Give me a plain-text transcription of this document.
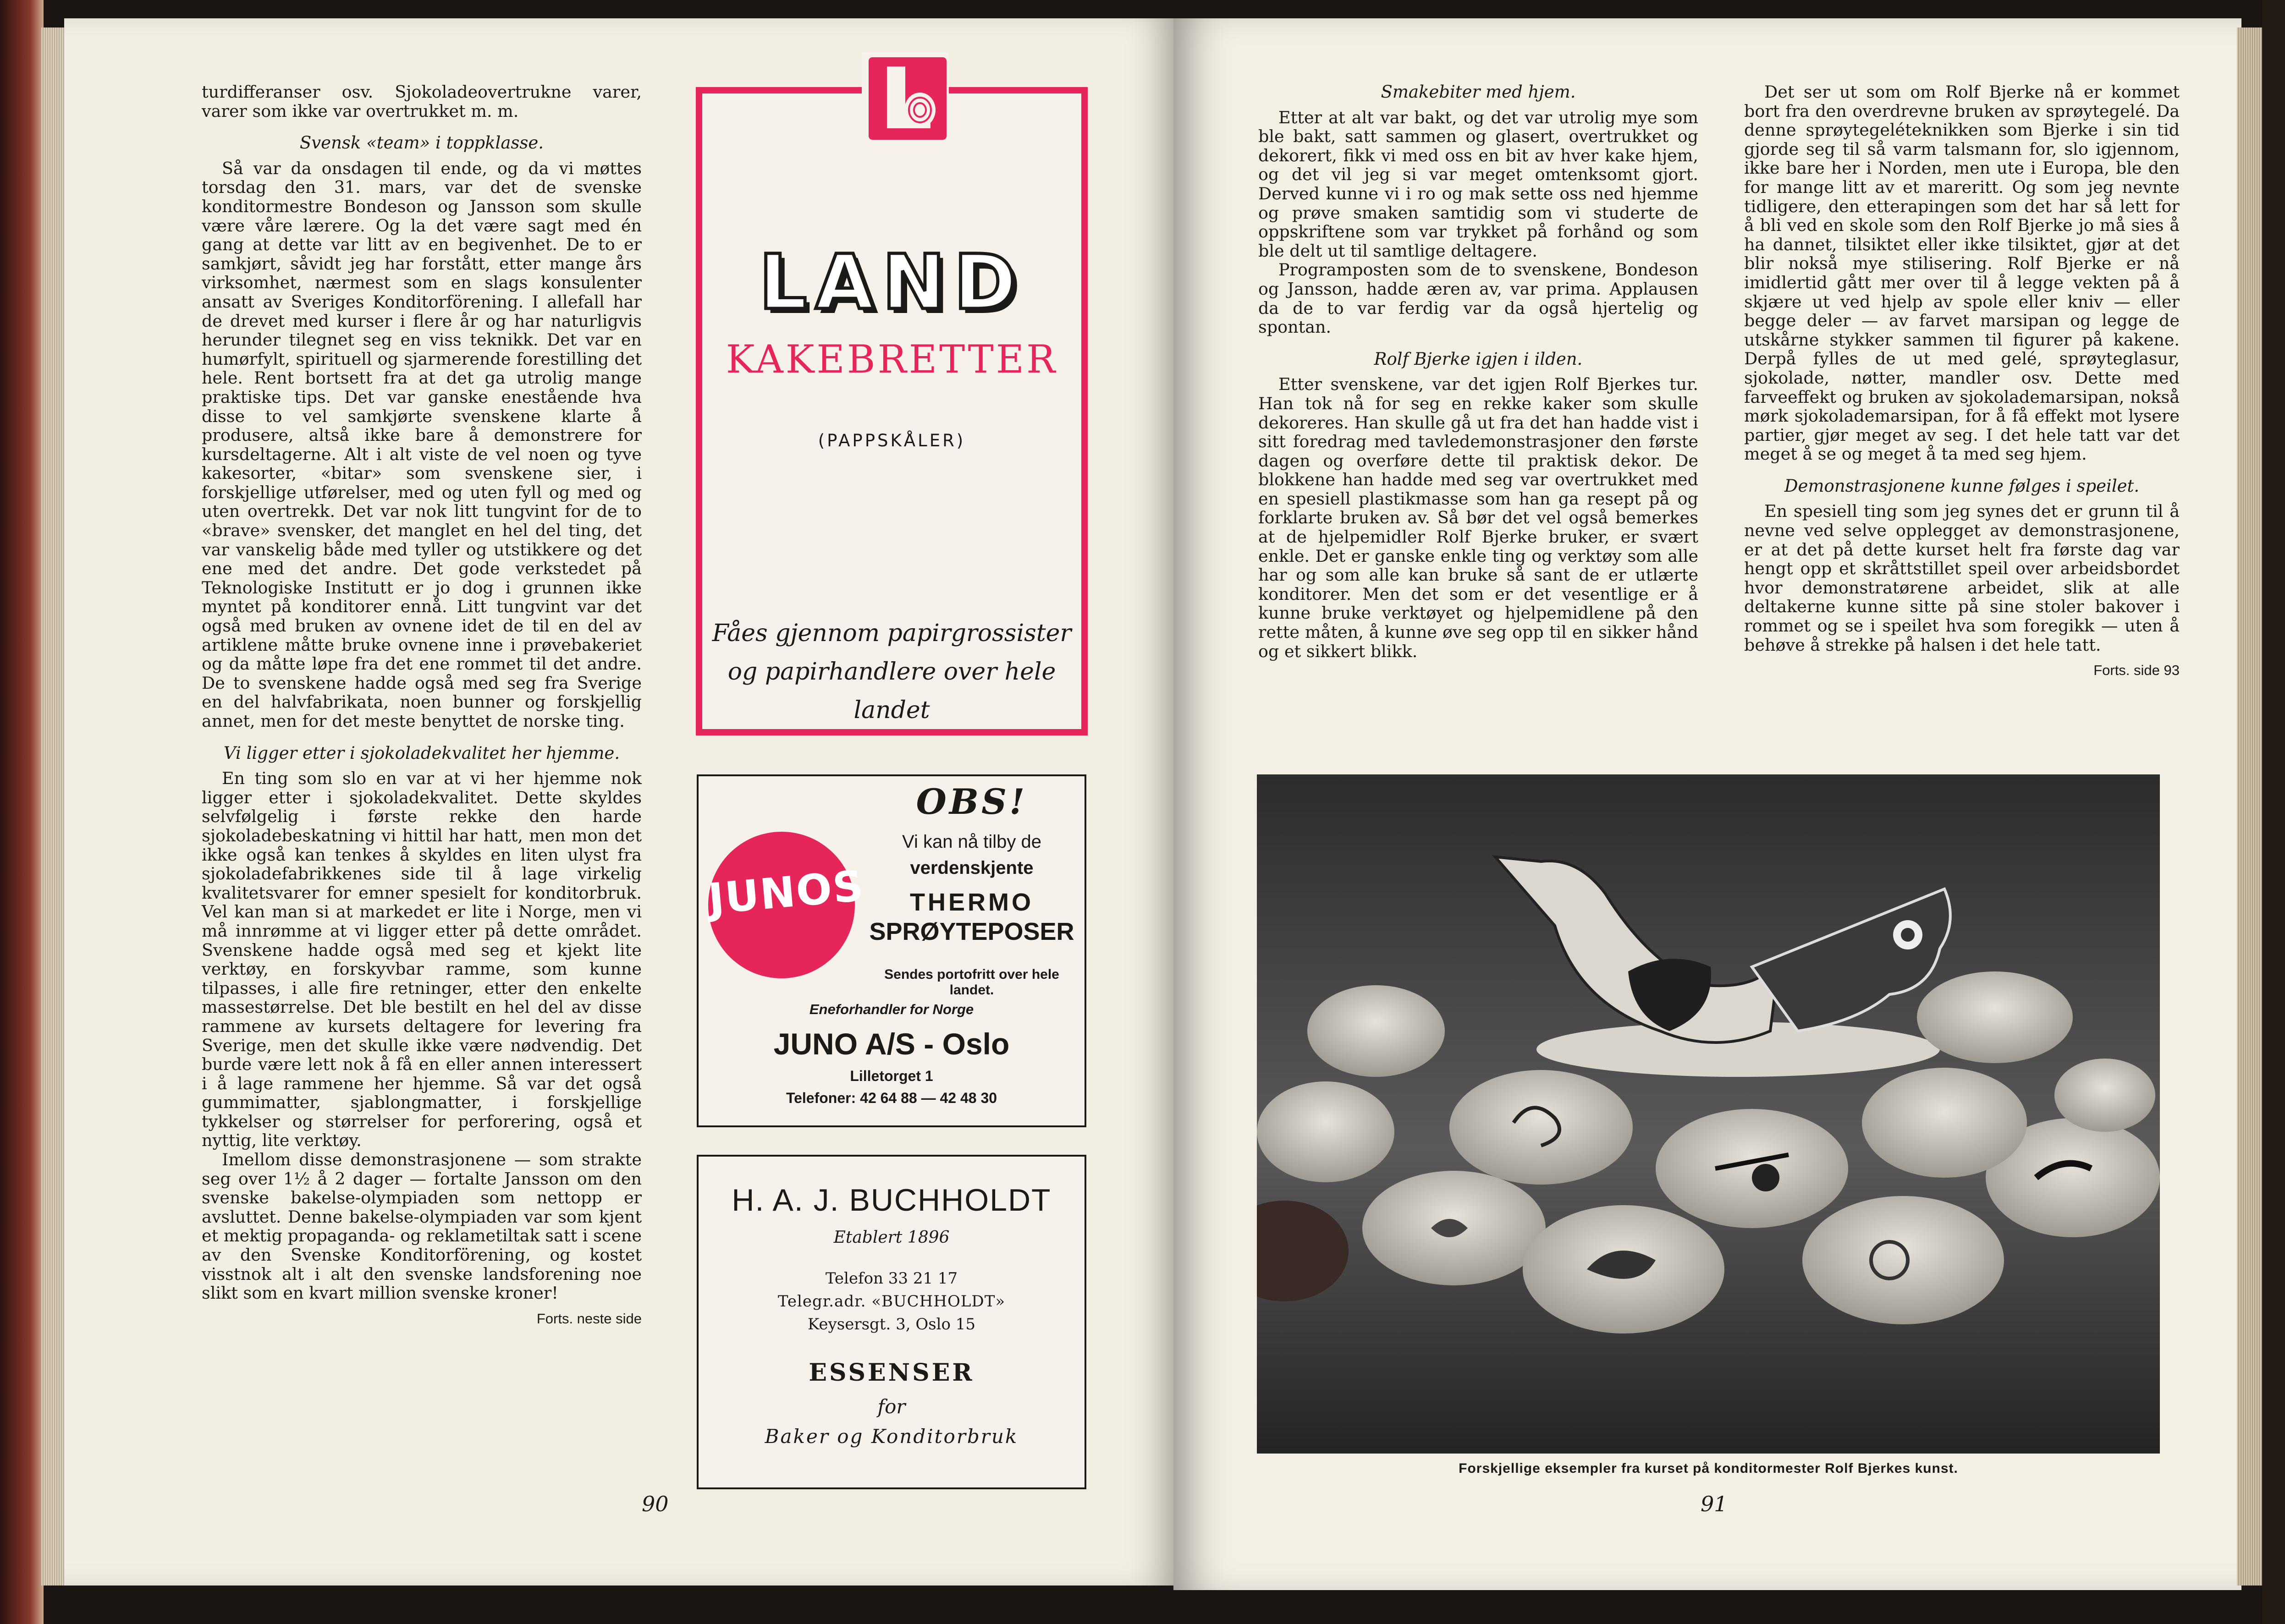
turdifferanser osv. Sjokoladeovertrukne varer, varer som ikke var overtrukket m. m.

Svensk «team» i toppklasse.

Så var da onsdagen til ende, og da vi møttes torsdag den 31. mars, var det de svenske konditormestre Bondeson og Jansson som skulle være våre lærere. Og la det være sagt med én gang at dette var litt av en begivenhet. De to er samkjørt, såvidt jeg har forstått, etter mange års virksomhet, nærmest som en slags konsulenter ansatt av Sveriges Konditorförening. I allefall har de drevet med kurser i flere år og har naturligvis herunder tilegnet seg en viss teknikk. Det var en humørfylt, spirituell og sjarmerende forestilling det hele. Rent bortsett fra at det ga utrolig mange praktiske tips. Det var ganske enestående hva disse to vel samkjørte svenskene klarte å produsere, altså ikke bare å demonstrere for kursdeltagerne. Alt i alt viste de vel noen og tyve kakesorter, «bitar» som svenskene sier, i forskjellige utførelser, med og uten fyll og med og uten overtrekk. Det var nok litt tungvint for de to «brave» svensker, det manglet en hel del ting, det var vanskelig både med tyller og utstikkere og det ene med det andre. Det gode verkstedet på Teknologiske Institutt er jo dog i grunnen ikke myntet på konditorer ennå. Litt tungvint var det også med bruken av ovnene idet de til en del av artiklene måtte bruke ovnene inne i prøvebakeriet og da måtte løpe fra det ene rommet til det andre. De to svenskene hadde også med seg fra Sverige en del halvfabrikata, noen bunner og forskjellig annet, men for det meste benyttet de norske ting.

Vi ligger etter i sjokoladekvalitet her hjemme.

En ting som slo en var at vi her hjemme nok ligger etter i sjokoladekvalitet. Dette skyldes selvfølgelig i første rekke den harde sjokoladebeskatning vi hittil har hatt, men mon det ikke også kan tenkes å skyldes en liten ulyst fra sjokoladefabrikkenes side til å lage virkelig kvalitetsvarer for emner spesielt for konditorbruk. Vel kan man si at markedet er lite i Norge, men vi må innrømme at vi ligger etter på dette området. Svenskene hadde også med seg et kjekt lite verktøy, en forskyvbar ramme, som kunne tilpasses, i alle fire retninger, etter den enkelte massestørrelse. Det ble bestilt en hel del av disse rammene av kursets deltagere for levering fra Sverige, men det skulle ikke være nødvendig. Det burde være lett nok å få en eller annen interessert i å lage rammene her hjemme. Så var det også gummimatter, sjablongmatter, i forskjellige tykkelser og størrelser for perforering, også et nyttig, lite verktøy.

Imellom disse demonstrasjonene — som strakte seg over 1½ å 2 dager — fortalte Jansson om den svenske bakelse-olympiaden som nettopp er avsluttet. Denne bakelse-olympiaden var som kjent et mektig propaganda- og reklametiltak satt i scene av den Svenske Konditorförening, og kostet visstnok alt i alt den svenske landsforening noe slikt som en kvart million svenske kroner!

Forts. neste side
90
LAND
KAKEBRETTER
(PAPPSKÅLER)
Fåes gjennom papirgrossister
og papirhandlere over hele landet
JUNOS
OBS!
Vi kan nå tilby de
verdenskjente
THERMO
SPRØYTEPOSER
Sendes portofritt over hele landet.
Eneforhandler for Norge
JUNO A/S - Oslo
Lilletorget 1
Telefoner: 42 64 88 — 42 48 30
H. A. J. BUCHHOLDT
Etablert 1896
Telefon 33 21 17
Telegr.adr. «BUCHHOLDT»
Keysersgt. 3, Oslo 15
ESSENSER
for
Baker og Konditorbruk
Smakebiter med hjem.

Etter at alt var bakt, og det var utrolig mye som ble bakt, satt sammen og glasert, overtrukket og dekorert, fikk vi med oss en bit av hver kake hjem, og det vil jeg si var meget omtenksomt gjort. Derved kunne vi i ro og mak sette oss ned hjemme og prøve smaken samtidig som vi studerte de oppskriftene som var trykket på forhånd og som ble delt ut til samtlige deltagere.

Programposten som de to svenskene, Bondeson og Jansson, hadde æren av, var prima. Applausen da de to var ferdig var da også hjertelig og spontan.

Rolf Bjerke igjen i ilden.

Etter svenskene, var det igjen Rolf Bjerkes tur. Han tok nå for seg en rekke kaker som skulle dekoreres. Han skulle gå ut fra det han hadde vist i sitt foredrag med tavledemonstrasjoner den første dagen og overføre dette til praktisk dekor. De blokkene han hadde med seg var overtrukket med en spesiell plastikmasse som han ga resept på og forklarte bruken av. Så bør det vel også bemerkes at de hjelpemidler Rolf Bjerke bruker, er svært enkle. Det er ganske enkle ting og verktøy som alle har og som alle kan bruke så sant de er utlærte konditorer. Men det som er det vesentlige er å kunne bruke verktøyet og hjelpemidlene på den rette måten, å kunne øve seg opp til en sikker hånd og et sikkert blikk.

Det ser ut som om Rolf Bjerke nå er kommet bort fra den overdrevne bruken av sprøytegelé. Da denne sprøytegeléteknikken som Bjerke i sin tid gjorde seg til så varm talsmann for, slo igjennom, ikke bare her i Norden, men ute i Europa, ble den for mange litt av et mareritt. Og som jeg nevnte tidligere, den etterapingen som det har så lett for å bli ved en skole som den Rolf Bjerke jo må sies å ha dannet, tilsiktet eller ikke tilsiktet, gjør at det blir nokså mye stilisering. Rolf Bjerke er nå imidlertid gått mer over til å legge vekten på å skjære ut ved hjelp av spole eller kniv — eller begge deler — av farvet marsipan og legge de utskårne stykker sammen til figurer på kakene. Derpå fylles de ut med gelé, sprøyteglasur, sjokolade, nøtter, mandler osv. Dette med farveeffekt og bruken av sjokolademarsipan, nokså mørk sjokolademarsipan, for å få effekt mot lysere partier, gjør meget av seg. I det hele tatt var det meget å se og meget å ta med seg hjem.

Demonstrasjonene kunne følges i speilet.

En spesiell ting som jeg synes det er grunn til å nevne ved selve opplegget av demonstrasjonene, er at det på dette kurset helt fra første dag var hengt opp et skråttstillet speil over arbeidsbordet hvor demonstratørene arbeidet, slik at alle deltakerne kunne sitte på sine stoler bakover i rommet og se i speilet hva som foregikk — uten å behøve å strekke på halsen i det hele tatt.

Forts. side 93
Forskjellige eksempler fra kurset på konditormester Rolf Bjerkes kunst.
91
